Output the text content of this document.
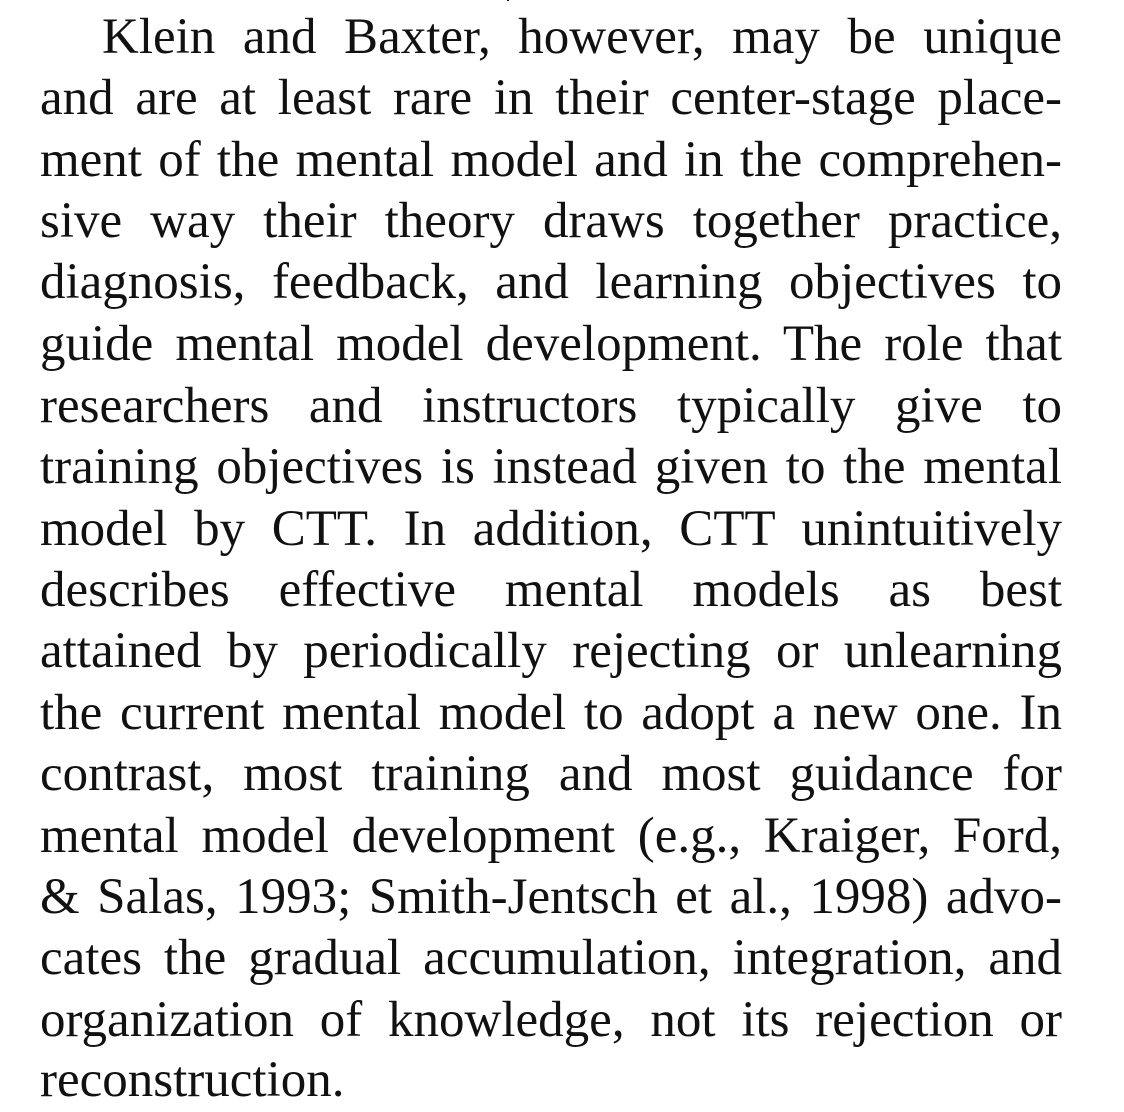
Klein and Baxter, however, may be unique
and are at least rare in their center-stage place-
ment of the mental model and in the comprehen-
sive way their theory draws together practice,
diagnosis, feedback, and learning objectives to
guide mental model development. The role that
researchers and instructors typically give to
training objectives is instead given to the mental
model by CTT. In addition, CTT unintuitively
describes effective mental models as best
attained by periodically rejecting or unlearning
the current mental model to adopt a new one. In
contrast, most training and most guidance for
mental model development (e.g., Kraiger, Ford,
& Salas, 1993; Smith-Jentsch et al., 1998) advo-
cates the gradual accumulation, integration, and
organization of knowledge, not its rejection or
reconstruction.
